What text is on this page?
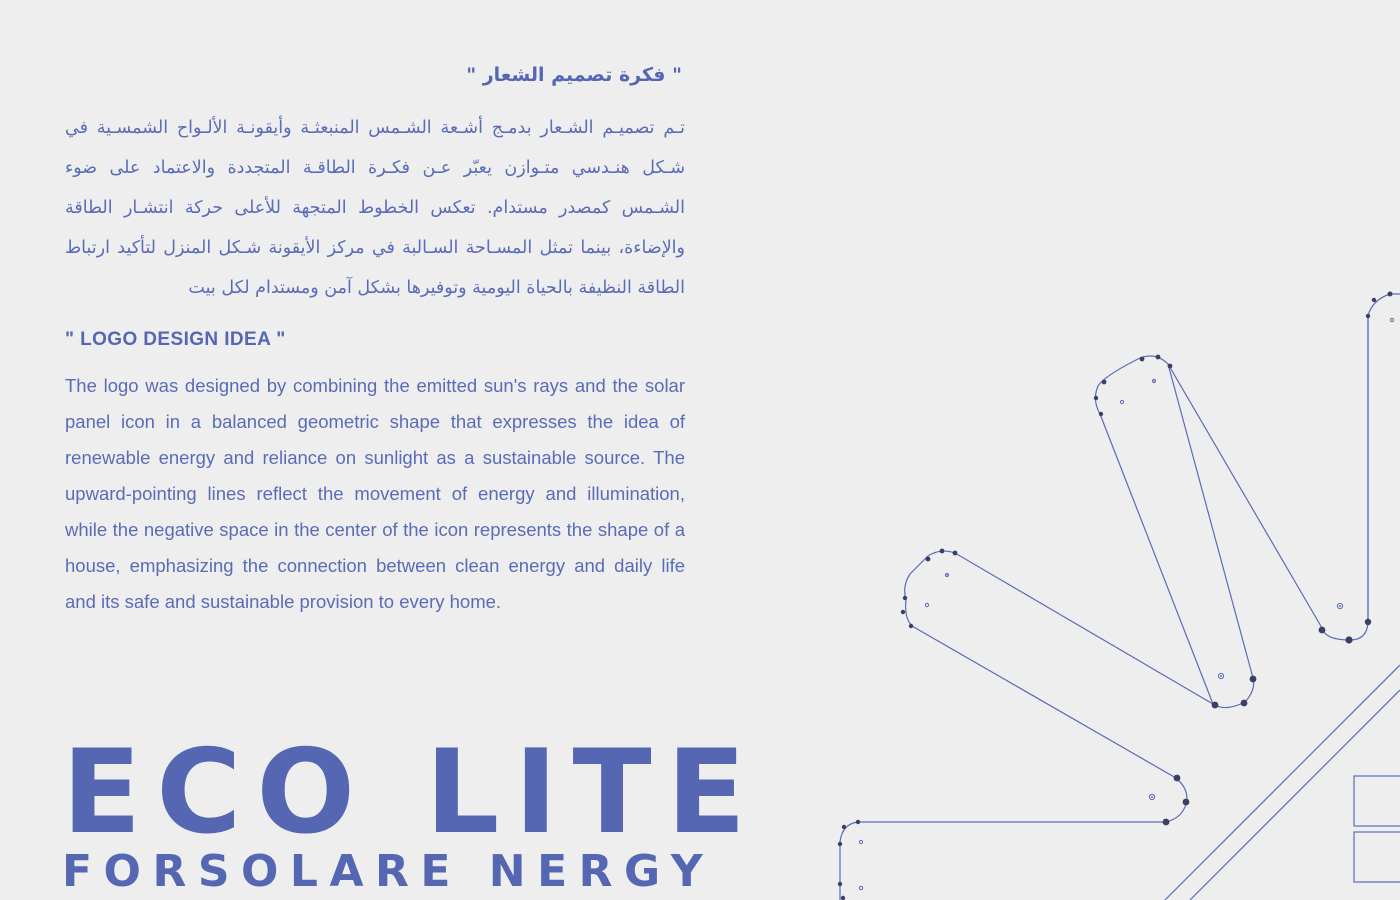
" فكرة تصميم الشعار "

تـم تصميـم الشـعار بدمـج أشـعة الشـمس المنبعثـة وأيقونـة الألـواح الشمسـية في شـكل هنـدسي متـوازن يعبّر عـن فكـرة الطاقـة المتجددة والاعتماد على ضوء الشـمس كمصدر مستدام. تعكس الخطوط المتجهة للأعلى حركة انتشـار الطاقة والإضاءة، بينما تمثل المسـاحة السـالبة في مركز الأيقونة شـكل المنزل لتأكيد ارتباط الطاقة النظيفة بالحياة اليومية وتوفيرها بشكل آمن ومستدام لكل بيت

" LOGO DESIGN IDEA "

The logo was designed by combining the emitted sun's rays and the solar panel icon in a balanced geometric shape that expresses the idea of renewable energy and reliance on sunlight as a sustainable source. The upward-pointing lines reflect the movement of energy and illumination, while the negative space in the center of the icon represents the shape of a house, emphasizing the connection between clean energy and daily life and its safe and sustainable provision to every home.

ECO LITE
FORSOLARE NERGY
